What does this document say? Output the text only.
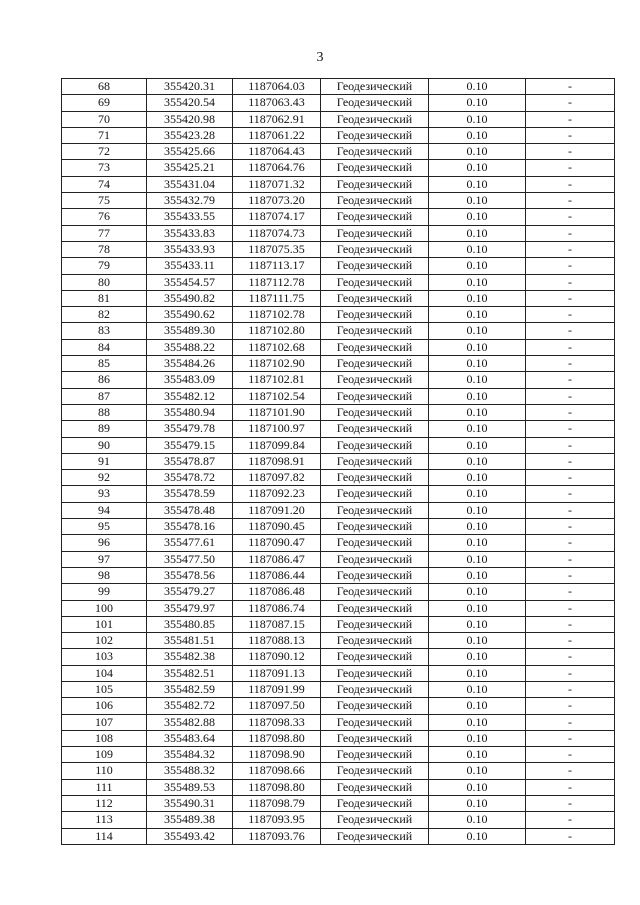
3
68	355420.31	1187064.03	Геодезический	0.10	-
69	355420.54	1187063.43	Геодезический	0.10	-
70	355420.98	1187062.91	Геодезический	0.10	-
71	355423.28	1187061.22	Геодезический	0.10	-
72	355425.66	1187064.43	Геодезический	0.10	-
73	355425.21	1187064.76	Геодезический	0.10	-
74	355431.04	1187071.32	Геодезический	0.10	-
75	355432.79	1187073.20	Геодезический	0.10	-
76	355433.55	1187074.17	Геодезический	0.10	-
77	355433.83	1187074.73	Геодезический	0.10	-
78	355433.93	1187075.35	Геодезический	0.10	-
79	355433.11	1187113.17	Геодезический	0.10	-
80	355454.57	1187112.78	Геодезический	0.10	-
81	355490.82	1187111.75	Геодезический	0.10	-
82	355490.62	1187102.78	Геодезический	0.10	-
83	355489.30	1187102.80	Геодезический	0.10	-
84	355488.22	1187102.68	Геодезический	0.10	-
85	355484.26	1187102.90	Геодезический	0.10	-
86	355483.09	1187102.81	Геодезический	0.10	-
87	355482.12	1187102.54	Геодезический	0.10	-
88	355480.94	1187101.90	Геодезический	0.10	-
89	355479.78	1187100.97	Геодезический	0.10	-
90	355479.15	1187099.84	Геодезический	0.10	-
91	355478.87	1187098.91	Геодезический	0.10	-
92	355478.72	1187097.82	Геодезический	0.10	-
93	355478.59	1187092.23	Геодезический	0.10	-
94	355478.48	1187091.20	Геодезический	0.10	-
95	355478.16	1187090.45	Геодезический	0.10	-
96	355477.61	1187090.47	Геодезический	0.10	-
97	355477.50	1187086.47	Геодезический	0.10	-
98	355478.56	1187086.44	Геодезический	0.10	-
99	355479.27	1187086.48	Геодезический	0.10	-
100	355479.97	1187086.74	Геодезический	0.10	-
101	355480.85	1187087.15	Геодезический	0.10	-
102	355481.51	1187088.13	Геодезический	0.10	-
103	355482.38	1187090.12	Геодезический	0.10	-
104	355482.51	1187091.13	Геодезический	0.10	-
105	355482.59	1187091.99	Геодезический	0.10	-
106	355482.72	1187097.50	Геодезический	0.10	-
107	355482.88	1187098.33	Геодезический	0.10	-
108	355483.64	1187098.80	Геодезический	0.10	-
109	355484.32	1187098.90	Геодезический	0.10	-
110	355488.32	1187098.66	Геодезический	0.10	-
111	355489.53	1187098.80	Геодезический	0.10	-
112	355490.31	1187098.79	Геодезический	0.10	-
113	355489.38	1187093.95	Геодезический	0.10	-
114	355493.42	1187093.76	Геодезический	0.10	-
